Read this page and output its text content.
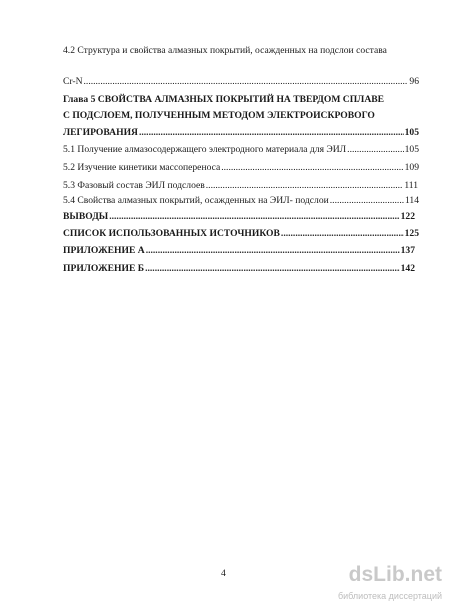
4.2 Структура и свойства алмазных покрытий, осажденных на подслои состава
Cr-N .....	96
Глава 5 СВОЙСТВА АЛМАЗНЫХ ПОКРЫТИЙ НА ТВЕРДОМ СПЛАВЕ
С ПОДСЛОЕМ, ПОЛУЧЕННЫМ МЕТОДОМ ЭЛЕКТРОИСКРОВОГО
ЛЕГИРОВАНИЯ .....	105
5.1 Получение алмазосодержащего электродного материала для ЭИЛ .....	105
5.2 Изучение кинетики массопереноса .....	109
5.3 Фазовый состав ЭИЛ подслоев .....	111
5.4 Свойства алмазных покрытий, осажденных на ЭИЛ- подслои .....	114
ВЫВОДЫ .....	122
СПИСОК ИСПОЛЬЗОВАННЫХ ИСТОЧНИКОВ .....	125
ПРИЛОЖЕНИЕ А .....	137
ПРИЛОЖЕНИЕ Б .....	142
4	dsLib.net
библиотека диссертаций
